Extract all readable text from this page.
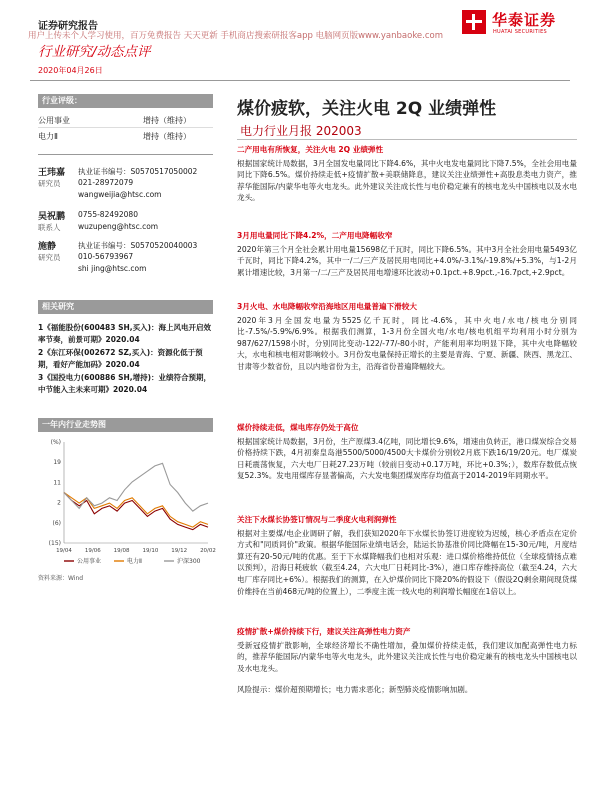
证券研究报告	华泰证券
HUATAI SECURITIES
用户上传未个人学习使用，百万免费报告 天天更新 手机商店搜索研报客app 电脑网页版www.yanbaoke.com
行业研究/动态点评
2020年04月26日
行业评级：
公用事业	增持（维持）
电力Ⅱ	增持（维持）
王玮嘉
研究员
执业证书编号：S0570517050002
021-28972079
wangweijia@htsc.com
吴祝鹏
联系人
0755-82492080
wuzupeng@htsc.com
施静
研究员
执业证书编号：S0570520040003
010-56793967
shi jing@htsc.com
相关研究
1《福能股份(600483 SH,买入)：海上风电开启效率节奏，前景可期》2020.04
2《东江环保(002672 SZ,买入)：资源化低于预期，看好产能加码》2020.04
3《国投电力(600886 SH,增持)：业绩符合预期，中节能入主未来可期》2020.04
一年内行业走势图
(%)
19
11
2
(6)
(15)
19/04 19/06 19/08 19/10 19/12 20/02
公用事业	电力Ⅱ	沪深300
资料来源：Wind
煤价疲软，关注火电 2Q 业绩弹性
电力行业月报 202003
二产用电有所恢复，关注火电 2Q 业绩弹性

根据国家统计局数据，3月全国发电量同比下降4.6%，其中火电发电量同比下降7.5%，全社会用电量同比下降6.5%。煤价持续走低+疫情扩散+美联储降息，建议关注业绩弹性+高股息类电力资产，推荐华能国际/内蒙华电等火电龙头。此外建议关注成长性与电价稳定兼有的核电龙头中国核电以及水电龙头。

3月用电量同比下降4.2%，二产用电降幅收窄

2020年第三个月全社会累计用电量15698亿千瓦时，同比下降6.5%。其中3月全社会用电量5493亿千瓦时，同比下降4.2%，其中一/二/三产及居民用电同比+4.0%/-3.1%/-19.8%/+5.3%，与1-2月累计增速比较，3月第一/二/三产及居民用电增速环比波动+0.1pct.+8.9pct.,-16.7pct,+2.9pct。

3月火电、水电降幅收窄沿海地区用电量普遍下滑较大

2020年3月全国发电量为5525亿千瓦时，同比-4.6%，其中火电/水电/核电分别同比-7.5%/-5.9%/6.9%。根据我们测算，1-3月份全国火电/水电/核电机组平均利用小时分别为987/627/1598小时，分别同比变动-122/-77/-80小时，产能利用率均明显下降，其中火电降幅较大，水电和核电相对影响较小。3月份发电量保持正增长的主要是青海、宁夏、新疆、陕西、黑龙江、甘肃等少数省份，且以内地省份为主，沿海省份普遍降幅较大。

煤价持续走低，煤电库存仍处于高位

根据国家统计局数据，3月份，生产原煤3.4亿吨，同比增长9.6%，增速由负转正，港口煤炭综合交易价格持续下跌，4月初秦皇岛港5500/5000/4500大卡煤价分别较2月底下跌16/19/20元。电厂煤炭日耗震荡恢复，六大电厂日耗27.23万吨（较前日变动+0.17万吨，环比+0.3%；），数库存数低点恢复52.3%。发电用煤库存显著偏高，六大发电集团煤炭库存均值高于2014-2019年同期水平。

关注下水煤长协签订情况与二季度火电利润弹性

根据对主要煤/电企业调研了解，我们获知2020年下水煤长协签订进度较为迟缓，核心矛盾点在定价方式和"同质同价"政策。根据华能国际业绩电话会，陆运长协基准价同比降幅在15-30元/吨，月度结算还有20-50元/吨的优惠。至于下水煤降幅我们也相对乐观：进口煤价格维持低位（全球疫情扬点难以预判），沿海日耗疲软（截至4.24，六大电厂日耗同比-3%），港口库存维持高位（截至4.24，六大电厂库存同比+6%）。根据我们的测算，在入炉煤价同比下降20%的假设下（假设2Q剩余期间现货煤价维持在当前468元/吨的位置上），二季度主流一线火电的利润增长幅度在1倍以上。

疫情扩散+煤价持续下行，建议关注高弹性电力资产

受新冠疫情扩散影响，全球经济增长不确性增加，叠加煤价持续走低，我们建议加配高弹性电力标的，推荐华能国际/内蒙华电等火电龙头，此外建议关注成长性与电价稳定兼有的核电龙头中国核电以及水电龙头。

风险提示：煤价超预期增长；电力需求恶化；新型肺炎疫情影响加剧。
